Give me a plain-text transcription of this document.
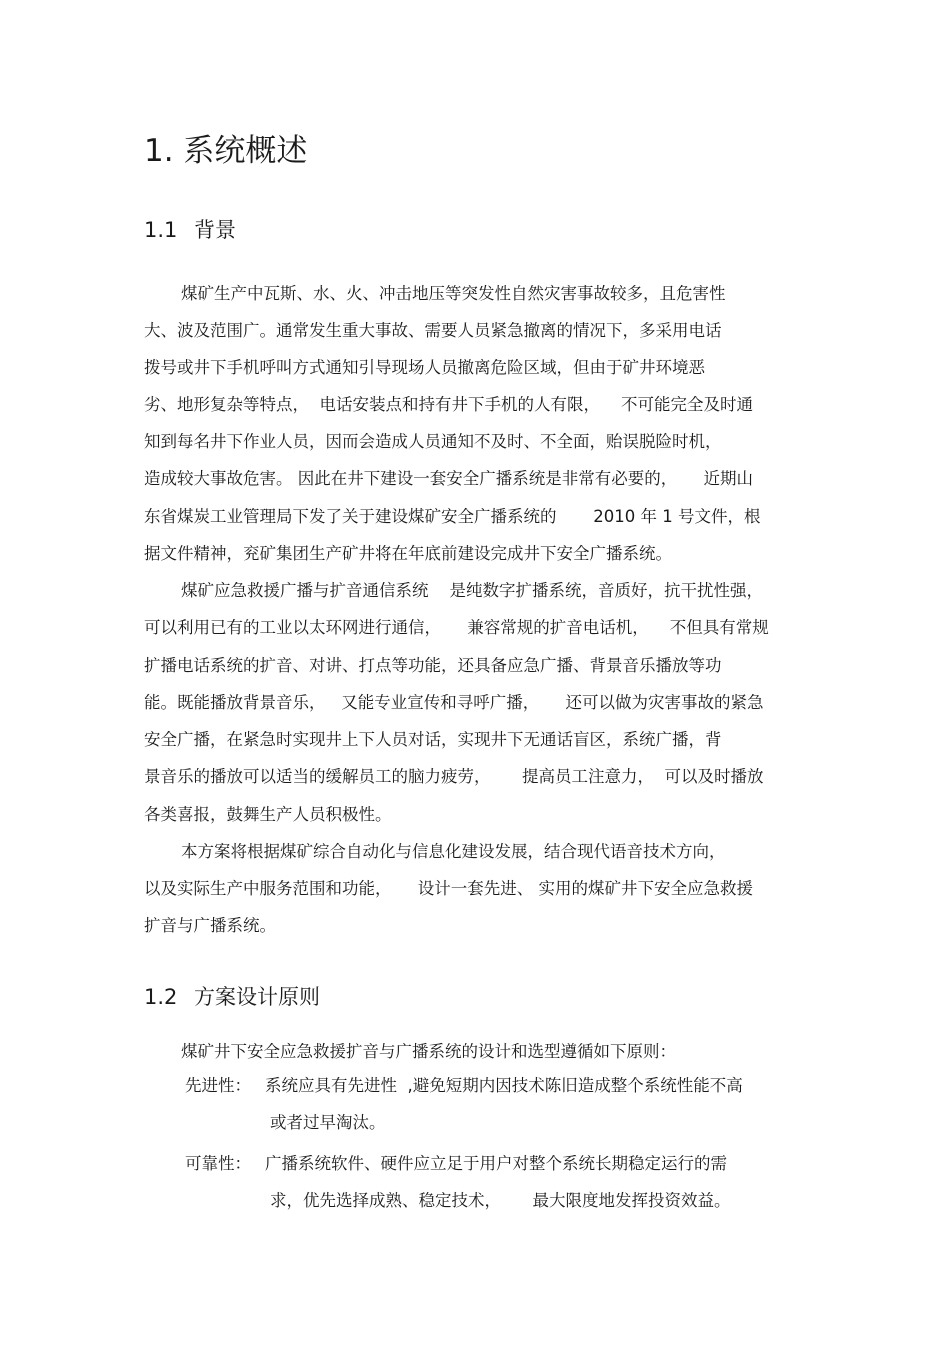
1. 系统概述
1.1 背景
煤矿生产中瓦斯、水、火、冲击地压等突发性自然灾害事故较多，且危害性
大、波及范围广。通常发生重大事故、需要人员紧急撤离的情况下，多采用电话
拨号或井下手机呼叫方式通知引导现场人员撤离危险区域，但由于矿井环境恶
劣、地形复杂等特点，  电话安装点和持有井下手机的人有限，    不可能完全及时通
知到每名井下作业人员，因而会造成人员通知不及时、不全面，贻误脱险时机，
造成较大事故危害。 因此在井下建设一套安全广播系统是非常有必要的，     近期山
东省煤炭工业管理局下发了关于建设煤矿安全广播系统的       2010 年 1 号文件，根
据文件精神，兖矿集团生产矿井将在年底前建设完成井下安全广播系统。
煤矿应急救援广播与扩音通信系统    是纯数字扩播系统，音质好，抗干扰性强，
可以利用已有的工业以太环网进行通信，     兼容常规的扩音电话机，    不但具有常规
扩播电话系统的扩音、对讲、打点等功能，还具备应急广播、背景音乐播放等功
能。既能播放背景音乐，   又能专业宣传和寻呼广播，     还可以做为灾害事故的紧急
安全广播，在紧急时实现井上下人员对话，实现井下无通话盲区，系统广播，背
景音乐的播放可以适当的缓解员工的脑力疲劳，      提高员工注意力，  可以及时播放
各类喜报，鼓舞生产人员积极性。
本方案将根据煤矿综合自动化与信息化建设发展，结合现代语音技术方向，
以及实际生产中服务范围和功能，     设计一套先进、 实用的煤矿井下安全应急救援
扩音与广播系统。
1.2 方案设计原则
煤矿井下安全应急救援扩音与广播系统的设计和选型遵循如下原则：
先进性： 系统应具有先进性  ,避免短期内因技术陈旧造成整个系统性能不高
或者过早淘汰。
可靠性： 广播系统软件、硬件应立足于用户对整个系统长期稳定运行的需
求，优先选择成熟、稳定技术，      最大限度地发挥投资效益。
